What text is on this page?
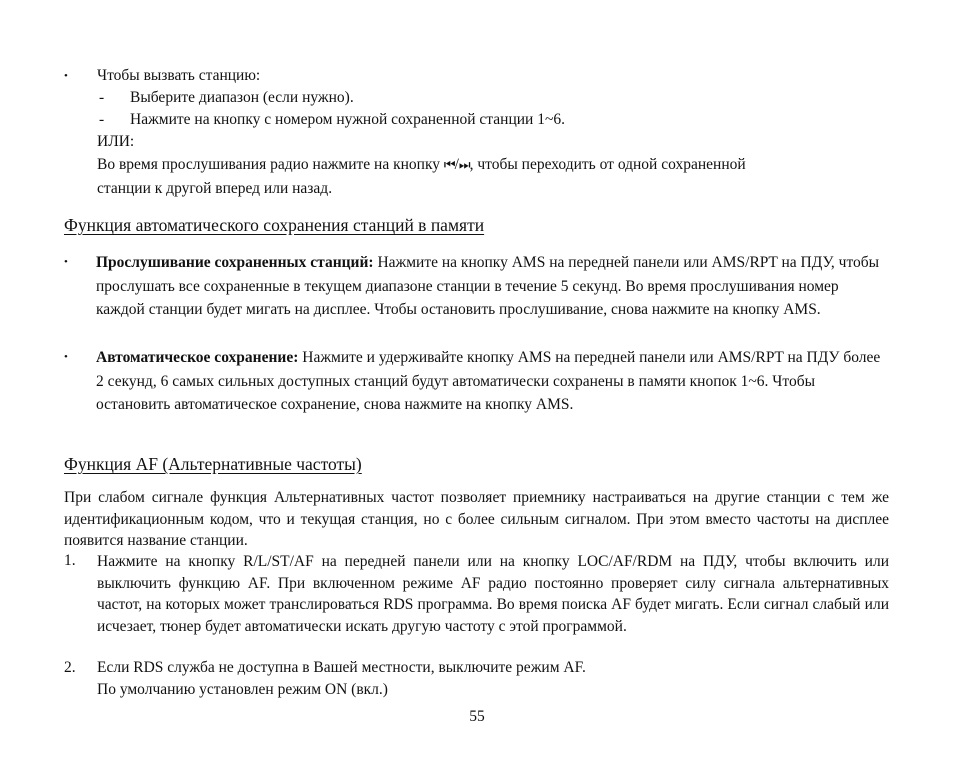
• Чтобы вызвать станцию:
- Выберите диапазон (если нужно).
- Нажмите на кнопку с номером нужной сохраненной станции 1~6.
ИЛИ:
Во время прослушивания радио нажмите на кнопку ⏮/⏭, чтобы переходить от одной сохраненной
станции к другой вперед или назад.
Функция автоматического сохранения станций в памяти
• Прослушивание сохраненных станций: Нажмите на кнопку AMS на передней панели или AMS/RPT на ПДУ, чтобы прослушать все сохраненные в текущем диапазоне станции в течение 5 секунд. Во время прослушивания номер каждой станции будет мигать на дисплее. Чтобы остановить прослушивание, снова нажмите на кнопку AMS.
• Автоматическое сохранение: Нажмите и удерживайте кнопку AMS на передней панели или AMS/RPT на ПДУ более 2 секунд, 6 самых сильных доступных станций будут автоматически сохранены в памяти кнопок 1~6. Чтобы остановить автоматическое сохранение, снова нажмите на кнопку AMS.
Функция AF (Альтернативные частоты)
При слабом сигнале функция Альтернативных частот позволяет приемнику настраиваться на другие станции с тем же идентификационным кодом, что и текущая станция, но с более сильным сигналом. При этом вместо частоты на дисплее появится название станции.
1. Нажмите на кнопку R/L/ST/AF на передней панели или на кнопку LOC/AF/RDM на ПДУ, чтобы включить или выключить функцию AF. При включенном режиме AF радио постоянно проверяет силу сигнала альтернативных частот, на которых может транслироваться RDS программа. Во время поиска AF будет мигать. Если сигнал слабый или исчезает, тюнер будет автоматически искать другую частоту с этой программой.
2. Если RDS служба не доступна в Вашей местности, выключите режим AF.
По умолчанию установлен режим ON (вкл.)
55
